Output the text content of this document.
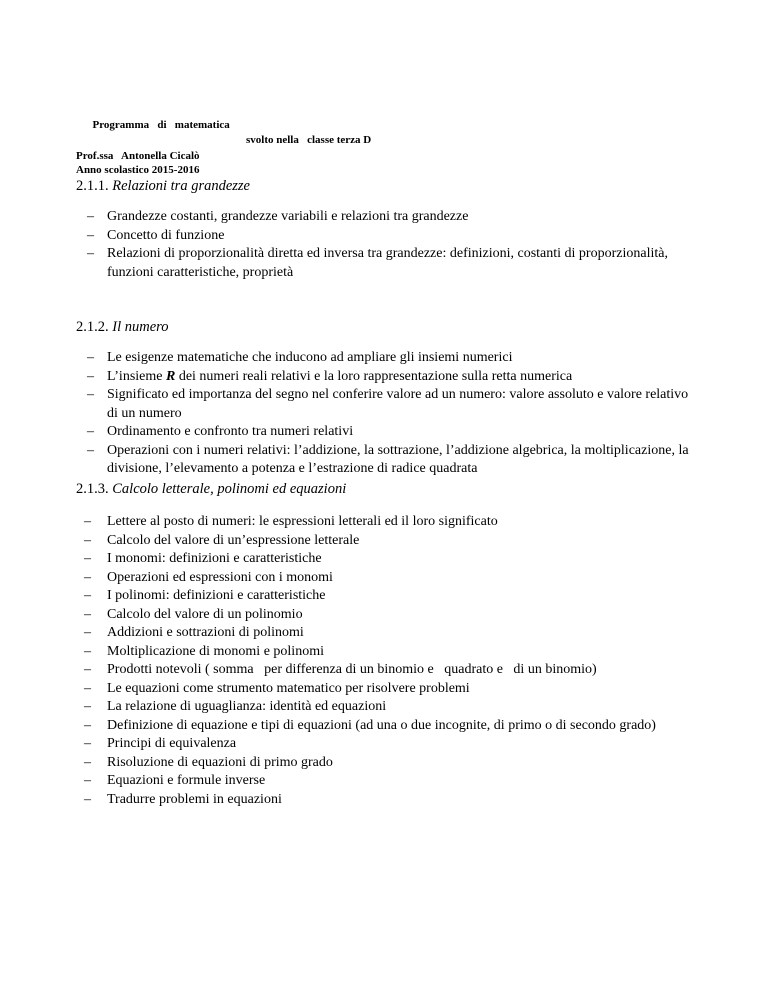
Programma   di   matematica

svolto nella   classe terza D

Anno scolastico 2015-2016
Prof.ssa   Antonella Cicalò
2.1.1. Relazioni tra grandezze
– Grandezze costanti, grandezze variabili e relazioni tra grandezze
– Concetto di funzione
– Relazioni di proporzionalità diretta ed inversa tra grandezze: definizioni, costanti di proporzionalità, funzioni caratteristiche, proprietà
2.1.2. Il numero
– Le esigenze matematiche che inducono ad ampliare gli insiemi numerici
– L’insieme R dei numeri reali relativi e la loro rappresentazione sulla retta numerica
– Significato ed importanza del segno nel conferire valore ad un numero: valore assoluto e valore relativo di un numero
– Ordinamento e confronto tra numeri relativi
– Operazioni con i numeri relativi: l’addizione, la sottrazione, l’addizione algebrica, la moltiplicazione, la divisione, l’elevamento a potenza e l’estrazione di radice quadrata
2.1.3. Calcolo letterale, polinomi ed equazioni
– Lettere al posto di numeri: le espressioni letterali ed il loro significato
– Calcolo del valore di un’espressione letterale
– I monomi: definizioni e caratteristiche
– Operazioni ed espressioni con i monomi
– I polinomi: definizioni e caratteristiche
– Calcolo del valore di un polinomio
– Addizioni e sottrazioni di polinomi
– Moltiplicazione di monomi e polinomi
– Prodotti notevoli ( somma   per differenza di un binomio e   quadrato e   di un binomio)
– Le equazioni come strumento matematico per risolvere problemi
– La relazione di uguaglianza: identità ed equazioni
– Definizione di equazione e tipi di equazioni (ad una o due incognite, di primo o di secondo grado)
– Principi di equivalenza
– Risoluzione di equazioni di primo grado
– Equazioni e formule inverse
– Tradurre problemi in equazioni
